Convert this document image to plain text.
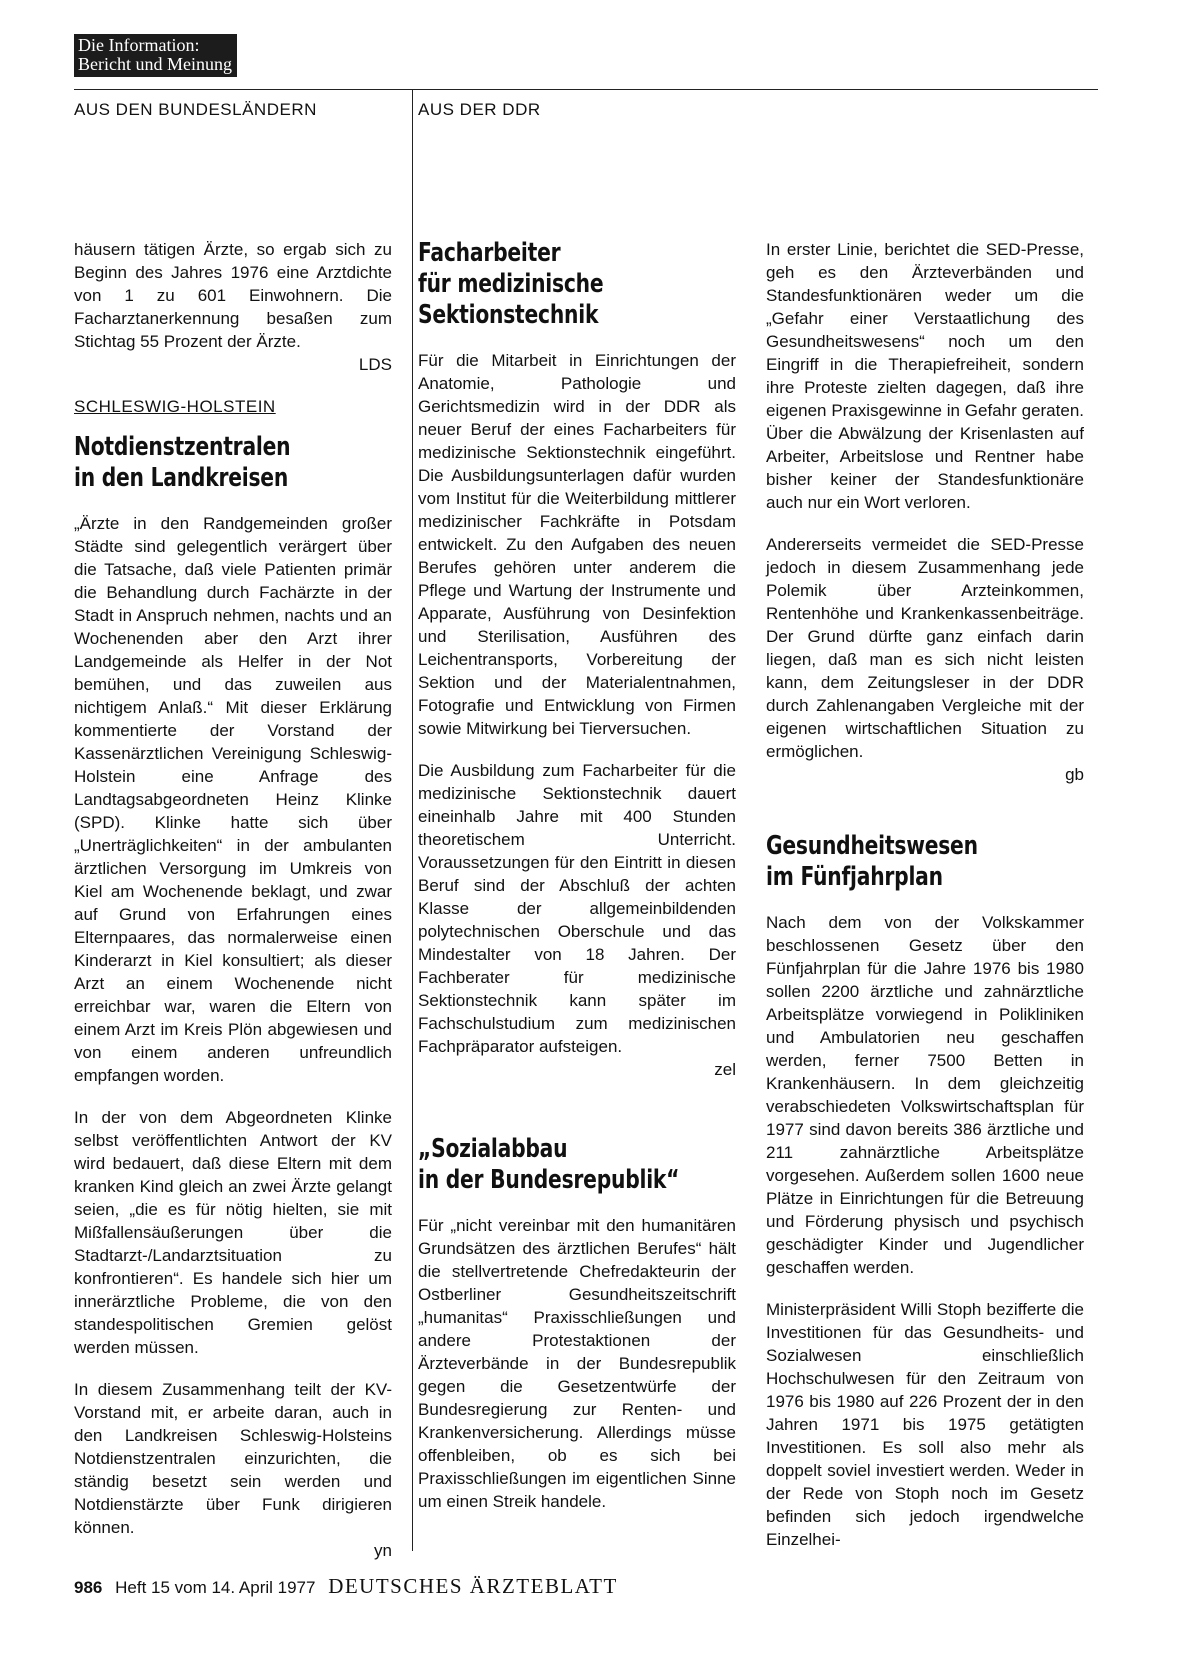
Die Information:
Bericht und Meinung
AUS DEN BUNDESLÄNDERN	AUS DER DDR

häusern tätigen Ärzte, so ergab sich zu Beginn des Jahres 1976 eine Arztdichte von 1 zu 601 Einwohnern. Die Facharztanerkennung besaßen zum Stichtag 55 Prozent der Ärzte.

LDS
SCHLESWIG-HOLSTEIN
Notdienstzentralen
in den Landkreisen

„Ärzte in den Randgemeinden großer Städte sind gelegentlich verärgert über die Tatsache, daß viele Patienten primär die Behandlung durch Fachärzte in der Stadt in Anspruch nehmen, nachts und an Wochenenden aber den Arzt ihrer Landgemeinde als Helfer in der Not bemühen, und das zuweilen aus nichtigem Anlaß.“ Mit dieser Erklärung kommentierte der Vorstand der Kassenärztlichen Vereinigung Schleswig-Holstein eine Anfrage des Landtagsabgeordneten Heinz Klinke (SPD). Klinke hatte sich über „Unerträglichkeiten“ in der ambulanten ärztlichen Versorgung im Umkreis von Kiel am Wochenende beklagt, und zwar auf Grund von Erfahrungen eines Elternpaares, das normalerweise einen Kinderarzt in Kiel konsultiert; als dieser Arzt an einem Wochenende nicht erreichbar war, waren die Eltern von einem Arzt im Kreis Plön abgewiesen und von einem anderen unfreundlich empfangen worden.

In der von dem Abgeordneten Klinke selbst veröffentlichten Antwort der KV wird bedauert, daß diese Eltern mit dem kranken Kind gleich an zwei Ärzte gelangt seien, „die es für nötig hielten, sie mit Mißfallensäußerungen über die Stadtarzt-/Landarztsituation zu konfrontieren“. Es handele sich hier um innerärztliche Probleme, die von den standespolitischen Gremien gelöst werden müssen.

In diesem Zusammenhang teilt der KV-Vorstand mit, er arbeite daran, auch in den Landkreisen Schleswig-Holsteins Notdienstzentralen einzurichten, die ständig besetzt sein werden und Notdienstärzte über Funk dirigieren können.

yn
Facharbeiter
für medizinische
Sektionstechnik

Für die Mitarbeit in Einrichtungen der Anatomie, Pathologie und Gerichtsmedizin wird in der DDR als neuer Beruf der eines Facharbeiters für medizinische Sektionstechnik eingeführt. Die Ausbildungsunterlagen dafür wurden vom Institut für die Weiterbildung mittlerer medizinischer Fachkräfte in Potsdam entwickelt. Zu den Aufgaben des neuen Berufes gehören unter anderem die Pflege und Wartung der Instrumente und Apparate, Ausführung von Desinfektion und Sterilisation, Ausführen des Leichentransports, Vorbereitung der Sektion und der Materialentnahmen, Fotografie und Entwicklung von Firmen sowie Mitwirkung bei Tierversuchen.

Die Ausbildung zum Facharbeiter für die medizinische Sektionstechnik dauert eineinhalb Jahre mit 400 Stunden theoretischem Unterricht. Voraussetzungen für den Eintritt in diesen Beruf sind der Abschluß der achten Klasse der allgemeinbildenden polytechnischen Oberschule und das Mindestalter von 18 Jahren. Der Fachberater für medizinische Sektionstechnik kann später im Fachschulstudium zum medizinischen Fachpräparator aufsteigen.

zel
„Sozialabbau
in der Bundesrepublik“

Für „nicht vereinbar mit den humanitären Grundsätzen des ärztlichen Berufes“ hält die stellvertretende Chefredakteurin der Ostberliner Gesundheitszeitschrift „humanitas“ Praxisschließungen und andere Protestaktionen der Ärzteverbände in der Bundesrepublik gegen die Gesetzentwürfe der Bundesregierung zur Renten- und Krankenversicherung. Allerdings müsse offenbleiben, ob es sich bei Praxisschließungen im eigentlichen Sinne um einen Streik handele.

In erster Linie, berichtet die SED-Presse, geh es den Ärzteverbänden und Standesfunktionären weder um die „Gefahr einer Verstaatlichung des Gesundheitswesens“ noch um den Eingriff in die Therapiefreiheit, sondern ihre Proteste zielten dagegen, daß ihre eigenen Praxisgewinne in Gefahr geraten. Über die Abwälzung der Krisenlasten auf Arbeiter, Arbeitslose und Rentner habe bisher keiner der Standesfunktionäre auch nur ein Wort verloren.

Andererseits vermeidet die SED-Presse jedoch in diesem Zusammenhang jede Polemik über Arzteinkommen, Rentenhöhe und Krankenkassenbeiträge. Der Grund dürfte ganz einfach darin liegen, daß man es sich nicht leisten kann, dem Zeitungsleser in der DDR durch Zahlenangaben Vergleiche mit der eigenen wirtschaftlichen Situation zu ermöglichen.

gb
Gesundheitswesen
im Fünfjahrplan

Nach dem von der Volkskammer beschlossenen Gesetz über den Fünfjahrplan für die Jahre 1976 bis 1980 sollen 2200 ärztliche und zahnärztliche Arbeitsplätze vorwiegend in Polikliniken und Ambulatorien neu geschaffen werden, ferner 7500 Betten in Krankenhäusern. In dem gleichzeitig verabschiedeten Volkswirtschaftsplan für 1977 sind davon bereits 386 ärztliche und 211 zahnärztliche Arbeitsplätze vorgesehen. Außerdem sollen 1600 neue Plätze in Einrichtungen für die Betreuung und Förderung physisch und psychisch geschädigter Kinder und Jugendlicher geschaffen werden.

Ministerpräsident Willi Stoph bezifferte die Investitionen für das Gesundheits- und Sozialwesen einschließlich Hochschulwesen für den Zeitraum von 1976 bis 1980 auf 226 Prozent der in den Jahren 1971 bis 1975 getätigten Investitionen. Es soll also mehr als doppelt soviel investiert werden. Weder in der Rede von Stoph noch im Gesetz befinden sich jedoch irgendwelche Einzelhei-

986 Heft 15 vom 14. April 1977 DEUTSCHES ÄRZTEBLATT
